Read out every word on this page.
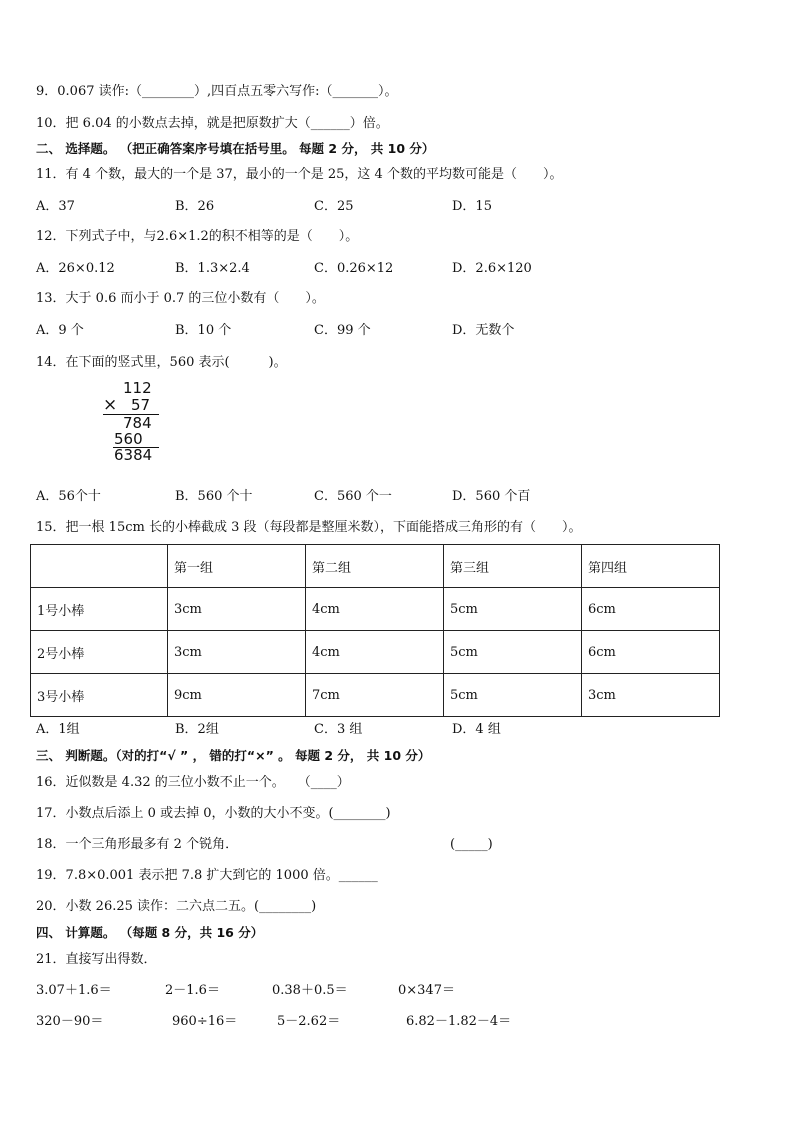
9．0.067 读作:（________）,四百点五零六写作:（_______）。
10．把 6.04 的小数点去掉，就是把原数扩大（______）倍。
二、 选择题。 （把正确答案序号填在括号里。 每题 2 分， 共 10 分）
11．有 4 个数，最大的一个是 37，最小的一个是 25，这 4 个数的平均数可能是（　　）。
A．37	B．26	C．25	D．15
12．下列式子中，与2.6×1.2的积不相等的是（　　）。
A．26×0.12	B．1.3×2.4	C．0.26×12	D．2.6×120
13．大于 0.6 而小于 0.7 的三位小数有（　　）。
A．9 个	B．10 个	C．99 个	D．无数个
14．在下面的竖式里，560 表示(　　　)。
112
× 57
784
560
6384
A．56个十	B．560 个十	C．560 个一	D．560 个百
15．把一根 15cm 长的小棒截成 3 段（每段都是整厘米数），下面能搭成三角形的有（　　）。
	第一组	第二组	第三组	第四组
1号小棒	3cm	4cm	5cm	6cm
2号小棒	3cm	4cm	5cm	6cm
3号小棒	9cm	7cm	5cm	3cm
A．1组	B．2组	C．3 组	D．4 组
三、 判断题。（对的打“√ ” ， 错的打“×” 。 每题 2 分， 共 10 分）
16．近似数是 4.32 的三位小数不止一个。　　（____）
17．小数点后添上 0 或去掉 0，小数的大小不变。(________)
18．一个三角形最多有 2 个锐角．	(_____)
19．7.8×0.001 表示把 7.8 扩大到它的 1000 倍。______
20．小数 26.25 读作：二六点二五。(________)
四、 计算题。 （每题 8 分，共 16 分）
21．直接写出得数．
3.07＋1.6＝	2－1.6＝	0.38＋0.5＝	0×347＝
320－90＝	960÷16＝	5－2.62＝	6.82－1.82－4＝
